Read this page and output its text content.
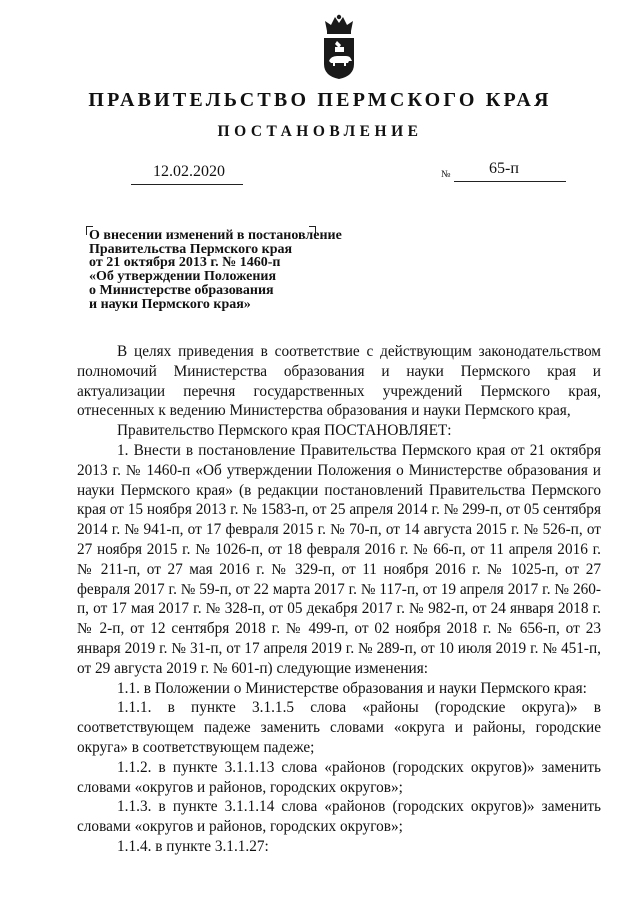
ПРАВИТЕЛЬСТВО ПЕРМСКОГО КРАЯ
ПОСТАНОВЛЕНИЕ
12.02.2020	№ 65-п
О внесении изменений в постановление
Правительства Пермского края
от 21 октября 2013 г. № 1460-п
«Об утверждении Положения
о Министерстве образования
и науки Пермского края»

В целях приведения в соответствие с действующим законодательством полномочий Министерства образования и науки Пермского края и актуализации перечня государственных учреждений Пермского края, отнесенных к ведению Министерства образования и науки Пермского края,

Правительство Пермского края ПОСТАНОВЛЯЕТ:

1. Внести в постановление Правительства Пермского края от 21 октября 2013 г. № 1460-п «Об утверждении Положения о Министерстве образования и науки Пермского края» (в редакции постановлений Правительства Пермского края от 15 ноября 2013 г. № 1583-п, от 25 апреля 2014 г. № 299-п, от 05 сентября 2014 г. № 941-п, от 17 февраля 2015 г. № 70-п, от 14 августа 2015 г. № 526-п, от 27 ноября 2015 г. № 1026-п, от 18 февраля 2016 г. № 66-п, от 11 апреля 2016 г. № 211-п, от 27 мая 2016 г. № 329-п, от 11 ноября 2016 г. № 1025-п, от 27 февраля 2017 г. № 59-п, от 22 марта 2017 г. № 117-п, от 19 апреля 2017 г. № 260-п, от 17 мая 2017 г. № 328-п, от 05 декабря 2017 г. № 982-п, от 24 января 2018 г. № 2-п, от 12 сентября 2018 г. № 499-п, от 02 ноября 2018 г. № 656-п, от 23 января 2019 г. № 31-п, от 17 апреля 2019 г. № 289-п, от 10 июля 2019 г. № 451-п, от 29 августа 2019 г. № 601-п) следующие изменения:

1.1. в Положении о Министерстве образования и науки Пермского края:

1.1.1. в пункте 3.1.1.5 слова «районы (городские округа)» в соответствующем падеже заменить словами «округа и районы, городские округа» в соответствующем падеже;

1.1.2. в пункте 3.1.1.13 слова «районов (городских округов)» заменить словами «округов и районов, городских округов»;

1.1.3. в пункте 3.1.1.14 слова «районов (городских округов)» заменить словами «округов и районов, городских округов»;

1.1.4. в пункте 3.1.1.27:
